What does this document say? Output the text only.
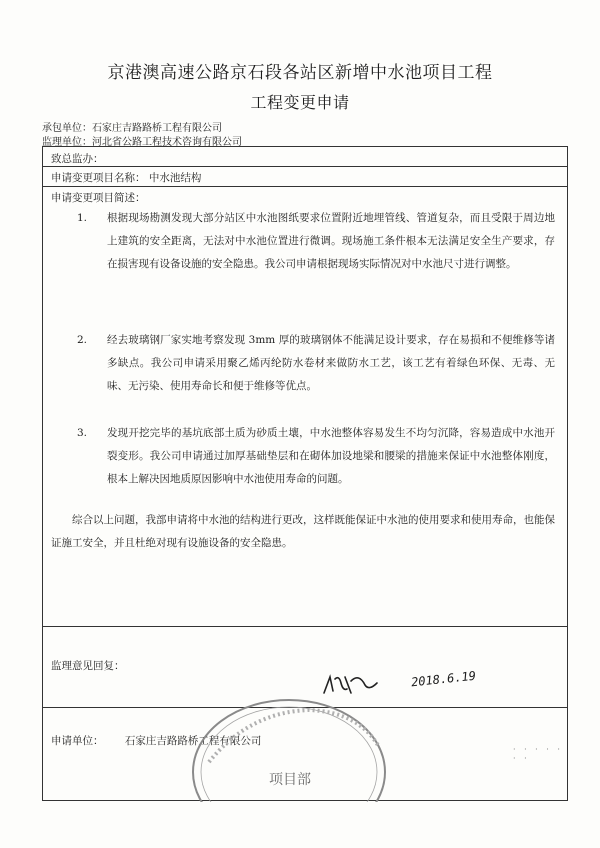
京港澳高速公路京石段各站区新增中水池项目工程
工程变更申请
承包单位：石家庄吉路路桥工程有限公司
监理单位：河北省公路工程技术咨询有限公司
致总监办：
申请变更项目名称： 中水池结构
申请变更项目简述：
1. 根据现场勘测发现大部分站区中水池图纸要求位置附近地埋管线、管道复杂，而且受限于周边地上建筑的安全距离，无法对中水池位置进行微调。现场施工条件根本无法满足安全生产要求，存在损害现有设备设施的安全隐患。我公司申请根据现场实际情况对中水池尺寸进行调整。
2. 经去玻璃钢厂家实地考察发现 3mm 厚的玻璃钢体不能满足设计要求，存在易损和不便维修等诸多缺点。我公司申请采用聚乙烯丙纶防水卷材来做防水工艺，该工艺有着绿色环保、无毒、无味、无污染、使用寿命长和便于维修等优点。
3. 发现开挖完毕的基坑底部土质为砂质土壤，中水池整体容易发生不均匀沉降，容易造成中水池开裂变形。我公司申请通过加厚基础垫层和在砌体加设地梁和腰梁的措施来保证中水池整体刚度，根本上解决因地质原因影响中水池使用寿命的问题。
综合以上问题，我部申请将中水池的结构进行更改，这样既能保证中水池的使用要求和使用寿命，也能保证施工安全，并且杜绝对现有设施设备的安全隐患。
监理意见回复：
2018.6.19
申请单位： 石家庄吉路路桥工程有限公司
项目部
· · · · · · ·
